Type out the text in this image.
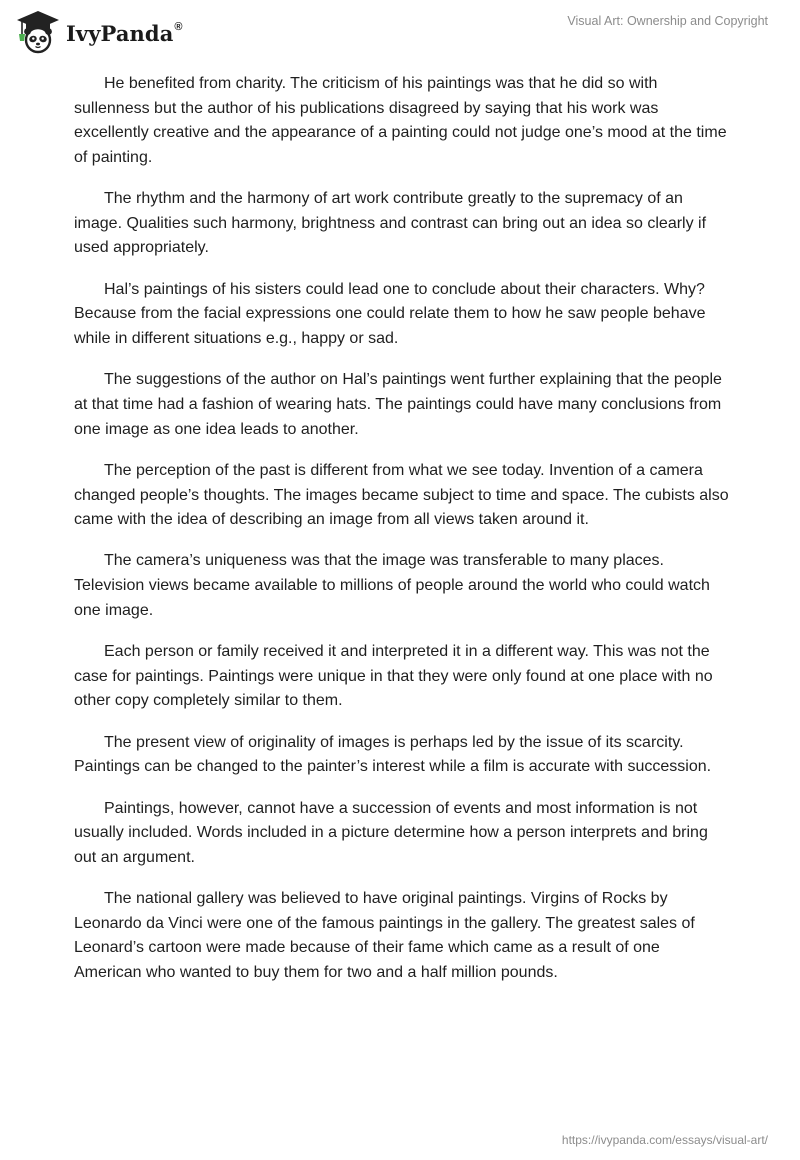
IvyPanda®	Visual Art: Ownership and Copyright

He benefited from charity. The criticism of his paintings was that he did so with sullenness but the author of his publications disagreed by saying that his work was excellently creative and the appearance of a painting could not judge one’s mood at the time of painting.

The rhythm and the harmony of art work contribute greatly to the supremacy of an image. Qualities such harmony, brightness and contrast can bring out an idea so clearly if used appropriately.

Hal’s paintings of his sisters could lead one to conclude about their characters. Why? Because from the facial expressions one could relate them to how he saw people behave while in different situations e.g., happy or sad.

The suggestions of the author on Hal’s paintings went further explaining that the people at that time had a fashion of wearing hats. The paintings could have many conclusions from one image as one idea leads to another.

The perception of the past is different from what we see today. Invention of a camera changed people’s thoughts. The images became subject to time and space. The cubists also came with the idea of describing an image from all views taken around it.

The camera’s uniqueness was that the image was transferable to many places. Television views became available to millions of people around the world who could watch one image.

Each person or family received it and interpreted it in a different way. This was not the case for paintings. Paintings were unique in that they were only found at one place with no other copy completely similar to them.

The present view of originality of images is perhaps led by the issue of its scarcity. Paintings can be changed to the painter’s interest while a film is accurate with succession.

Paintings, however, cannot have a succession of events and most information is not usually included. Words included in a picture determine how a person interprets and bring out an argument.

The national gallery was believed to have original paintings. Virgins of Rocks by Leonardo da Vinci were one of the famous paintings in the gallery. The greatest sales of Leonard’s cartoon were made because of their fame which came as a result of one American who wanted to buy them for two and a half million pounds.

https://ivypanda.com/essays/visual-art/
